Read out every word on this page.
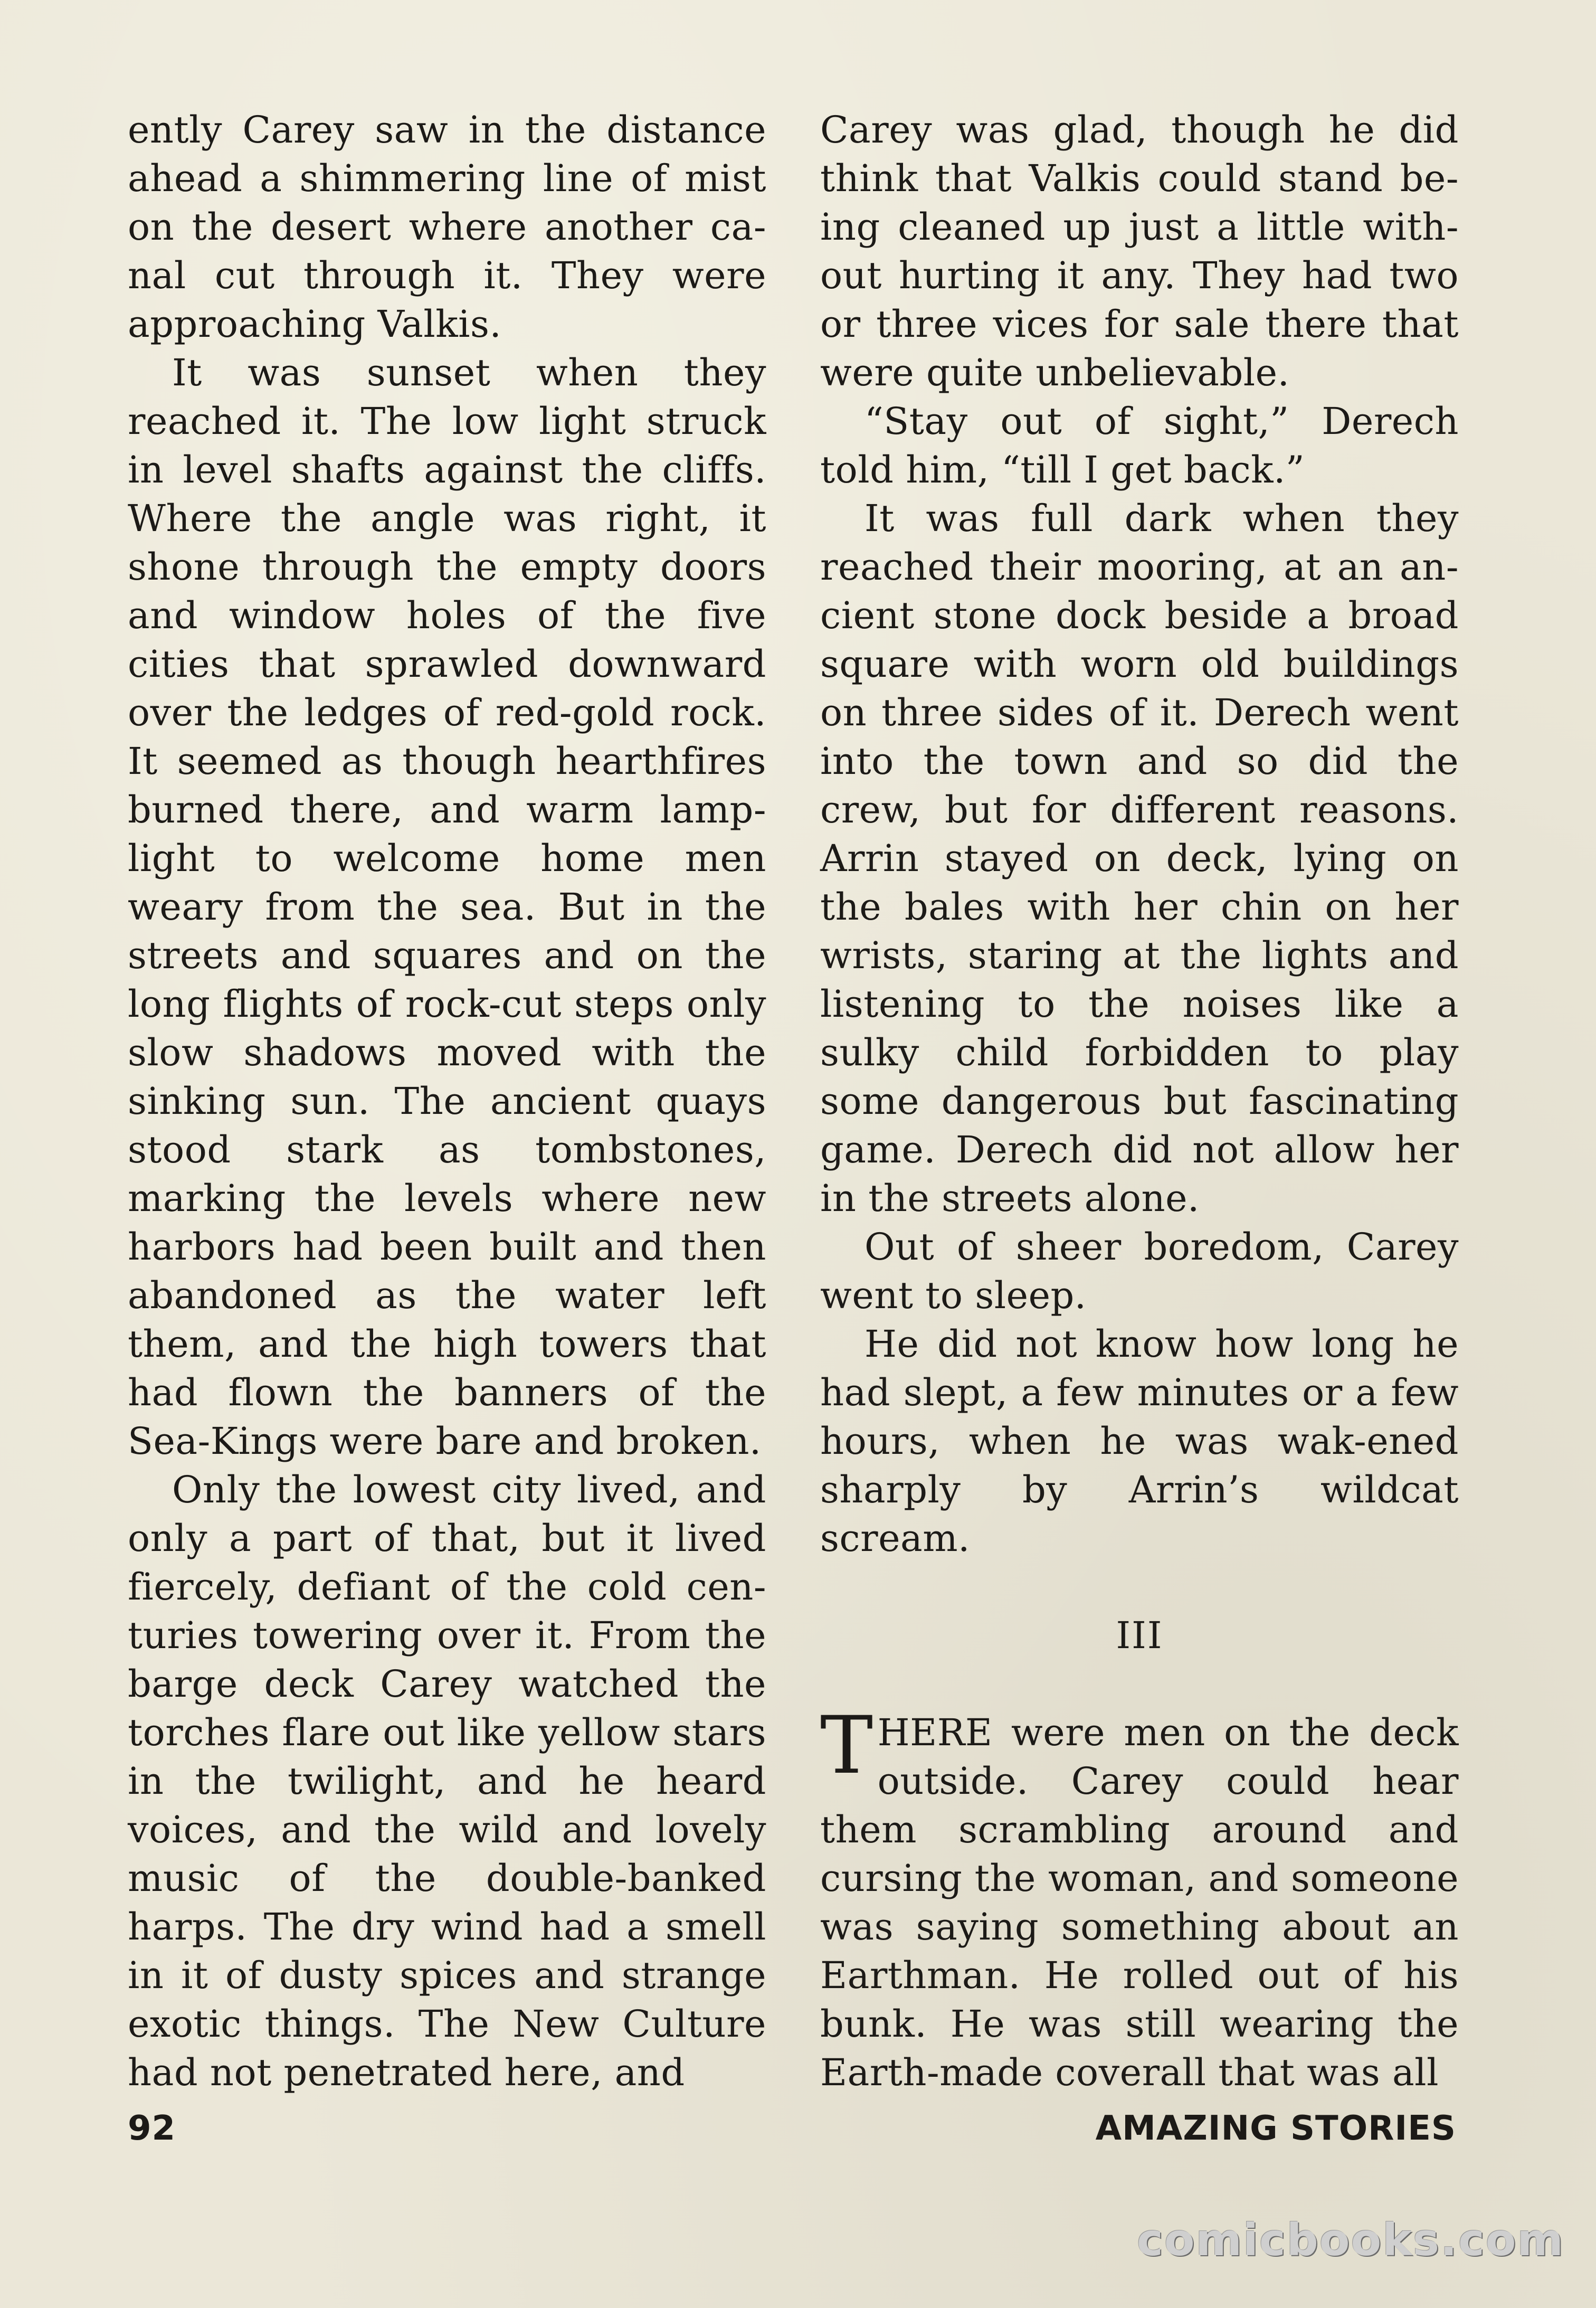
ently Carey saw in the distance ahead a shimmering line of mist on the desert where another ca-nal cut through it. They were approaching Valkis.

It was sunset when they reached it. The low light struck in level shafts against the cliffs. Where the angle was right, it shone through the empty doors and window holes of the five cities that sprawled downward over the ledges of red-gold rock. It seemed as though hearthfires burned there, and warm lamp-light to welcome home men weary from the sea. But in the streets and squares and on the long flights of rock-cut steps only slow shadows moved with the sinking sun. The ancient quays stood stark as tombstones, marking the levels where new harbors had been built and then abandoned as the water left them, and the high towers that had flown the banners of the Sea-Kings were bare and broken.

Only the lowest city lived, and only a part of that, but it lived fiercely, defiant of the cold cen-turies towering over it. From the barge deck Carey watched the torches flare out like yellow stars in the twilight, and he heard voices, and the wild and lovely music of the double-banked harps. The dry wind had a smell in it of dusty spices and strange exotic things. The New Culture had not penetrated here, and

Carey was glad, though he did think that Valkis could stand be-ing cleaned up just a little with-out hurting it any. They had two or three vices for sale there that were quite unbelievable.

“Stay out of sight,” Derech told him, “till I get back.”

It was full dark when they reached their mooring, at an an-cient stone dock beside a broad square with worn old buildings on three sides of it. Derech went into the town and so did the crew, but for different reasons. Arrin stayed on deck, lying on the bales with her chin on her wrists, staring at the lights and listening to the noises like a sulky child forbidden to play some dangerous but fascinating game. Derech did not allow her in the streets alone.

Out of sheer boredom, Carey went to sleep.

He did not know how long he had slept, a few minutes or a few hours, when he was wak-ened sharply by Arrin’s wildcat scream.

III

THERE were men on the deck outside. Carey could hear them scrambling around and cursing the woman, and someone was saying something about an Earthman. He rolled out of his bunk. He was still wearing the Earth-made coverall that was all

92	AMAZING STORIES
comicbooks.com
